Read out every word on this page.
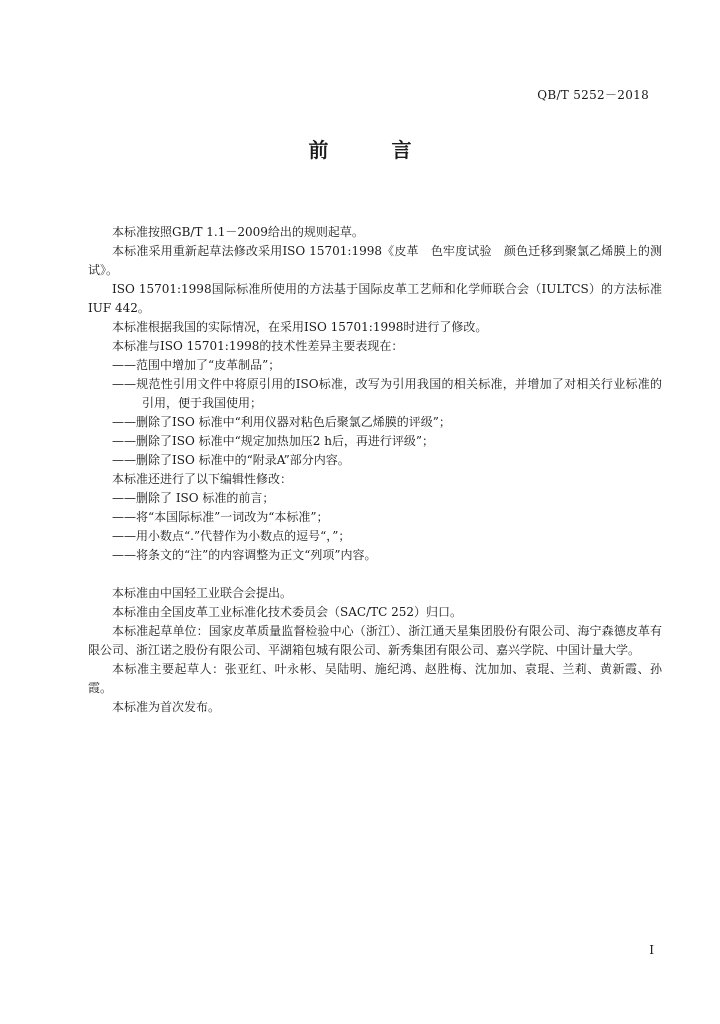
QB/T 5252－2018
前 言

本标准按照GB/T 1.1－2009给出的规则起草。

本标准采用重新起草法修改采用ISO 15701:1998《皮革　色牢度试验　颜色迁移到聚氯乙烯膜上的测试》。

ISO 15701:1998国际标准所使用的方法基于国际皮革工艺师和化学师联合会（IULTCS）的方法标准IUF 442。

本标准根据我国的实际情况，在采用ISO 15701:1998时进行了修改。

本标准与ISO 15701:1998的技术性差异主要表现在：

——范围中增加了“皮革制品”；

——规范性引用文件中将原引用的ISO标准，改写为引用我国的相关标准，并增加了对相关行业标准的引用，便于我国使用；

——删除了ISO 标准中“利用仪器对粘色后聚氯乙烯膜的评级”；

——删除了ISO 标准中“规定加热加压2 h后，再进行评级”；

——删除了ISO 标准中的“附录A”部分内容。

本标准还进行了以下编辑性修改：

——删除了 ISO 标准的前言；

——将“本国际标准”一词改为“本标准”；

——用小数点“.”代替作为小数点的逗号“，”；

——将条文的“注”的内容调整为正文“列项”内容。

本标准由中国轻工业联合会提出。

本标准由全国皮革工业标准化技术委员会（SAC/TC 252）归口。

本标准起草单位：国家皮革质量监督检验中心（浙江）、浙江通天星集团股份有限公司、海宁森德皮革有限公司、浙江诺之股份有限公司、平湖箱包城有限公司、新秀集团有限公司、嘉兴学院、中国计量大学。

本标准主要起草人：张亚红、叶永彬、吴陆明、施纪鸿、赵胜梅、沈加加、袁琨、兰莉、黄新霞、孙霞。

本标准为首次发布。

I
